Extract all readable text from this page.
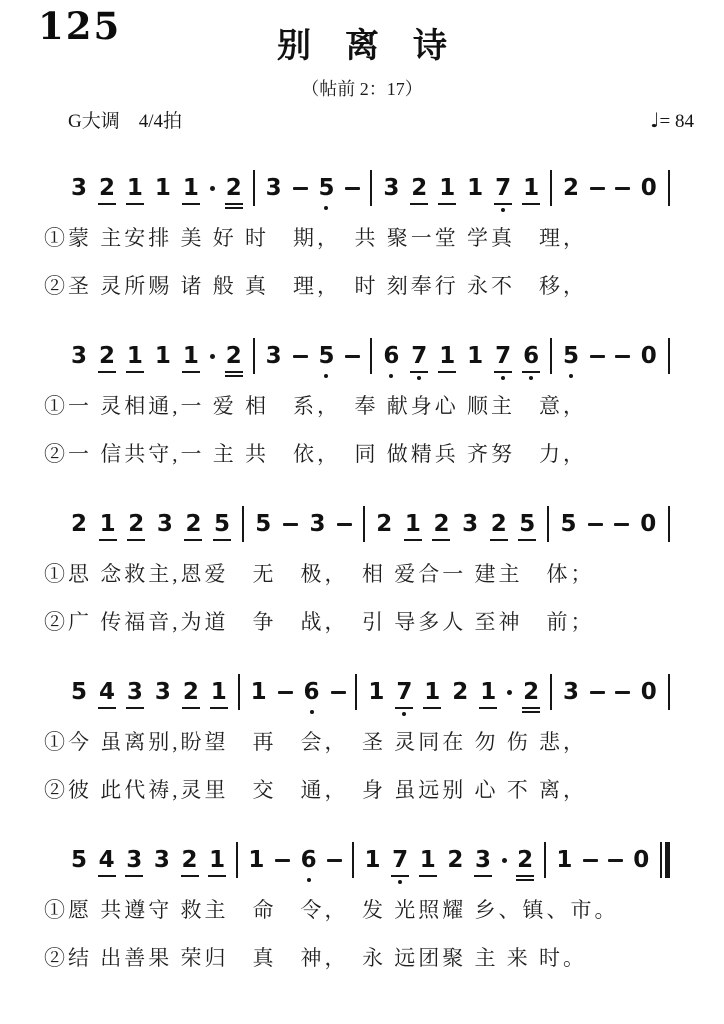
125	别　离　诗
（帖前 2：17）
G大调　4/4拍	♩= 84
3 2 1 1 1 2 3 5 3 2 1 1 7 1 2	0

①蒙 主安排 美 好 时　期，　共 聚一堂 学真　理，

②圣 灵所赐 诸 般 真　理，　时 刻奉行 永不　移，

3 2 1 1 1 2 3 5 6 7 1 1 7 6 5	0

①一 灵相通,一 爱 相　系，　奉 献身心 顺主　意，

②一 信共守,一 主 共　依，　同 做精兵 齐努　力，

2 1 2 3 2 5 5 3 2 1 2 3 2 5 5	0

①思 念救主,恩爱　无　极，　相 爱合一 建主　体；

②广 传福音,为道　争　战，　引 导多人 至神　前；

5 4 3 3 2 1 1 6 1 7 1 2 1 2 3	0

①今 虽离别,盼望　再　会，　圣 灵同在 勿 伤 悲，

②彼 此代祷,灵里　交　通，　身 虽远别 心 不 离，

5 4 3 3 2 1 1 6 1 7 1 2 3 2 1	0

①愿 共遵守 救主　命　令，　发 光照耀 乡、镇、市。

②结 出善果 荣归　真　神，　永 远团聚 主 来 时。
